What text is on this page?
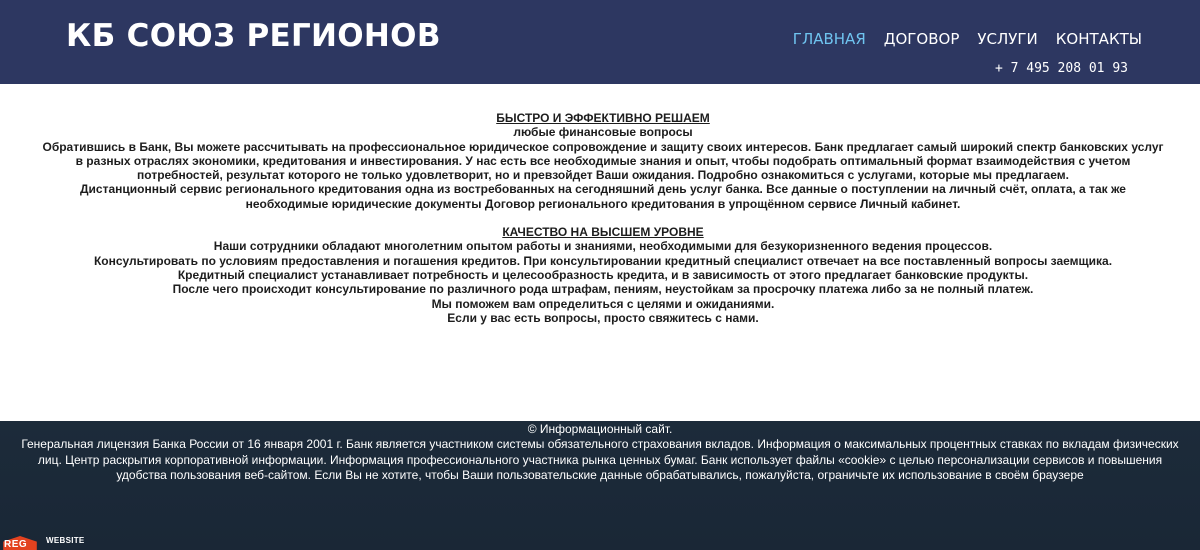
КБ СОЮЗ РЕГИОНОВ	ГЛАВНАЯ ДОГОВОР УСЛУГИ КОНТАКТЫ
+ 7 495 208 01 93

БЫСТРО И ЭФФЕКТИВНО РЕШАЕМ

любые финансовые вопросы

Обратившись в Банк, Вы можете рассчитывать на профессиональное юридическое сопровождение и защиту своих интересов. Банк предлагает самый широкий спектр банковских услуг в разных отраслях экономики, кредитования и инвестирования. У нас есть все необходимые знания и опыт, чтобы подобрать оптимальный формат взаимодействия с учетом потребностей, результат которого не только удовлетворит, но и превзойдет Ваши ожидания. Подробно ознакомиться с услугами, которые мы предлагаем.

Дистанционный сервис регионального кредитования одна из востребованных на сегодняшний день услуг банка. Все данные о поступлении на личный счёт, оплата, а так же необходимые юридические документы Договор регионального кредитования в упрощённом сервисе Личный кабинет.

КАЧЕСТВО НА ВЫСШЕМ УРОВНЕ

Наши сотрудники обладают многолетним опытом работы и знаниями, необходимыми для безукоризненного ведения процессов.

Консультировать по условиям предоставления и погашения кредитов. При консультировании кредитный специалист отвечает на все поставленный вопросы заемщика.

Кредитный специалист устанавливает потребность и целесообразность кредита, и в зависимость от этого предлагает банковские продукты.

После чего происходит консультирование по различного рода штрафам, пениям, неустойкам за просрочку платежа либо за не полный платеж.

Мы поможем вам определиться с целями и ожиданиями.

Если у вас есть вопросы, просто свяжитесь с нами.

© Информационный сайт.

Генеральная лицензия Банка России от 16 января 2001 г. Банк является участником системы обязательного страхования вкладов. Информация о максимальных процентных ставках по вкладам физических лиц. Центр раскрытия корпоративной информации. Информация профессионального участника рынка ценных бумаг. Банк использует файлы «cookie» с целью персонализации сервисов и повышения удобства пользования веб-сайтом. Если Вы не хотите, чтобы Ваши пользовательские данные обрабатывались, пожалуйста, ограничьте их использование в своём браузере

REG WEBSITE
